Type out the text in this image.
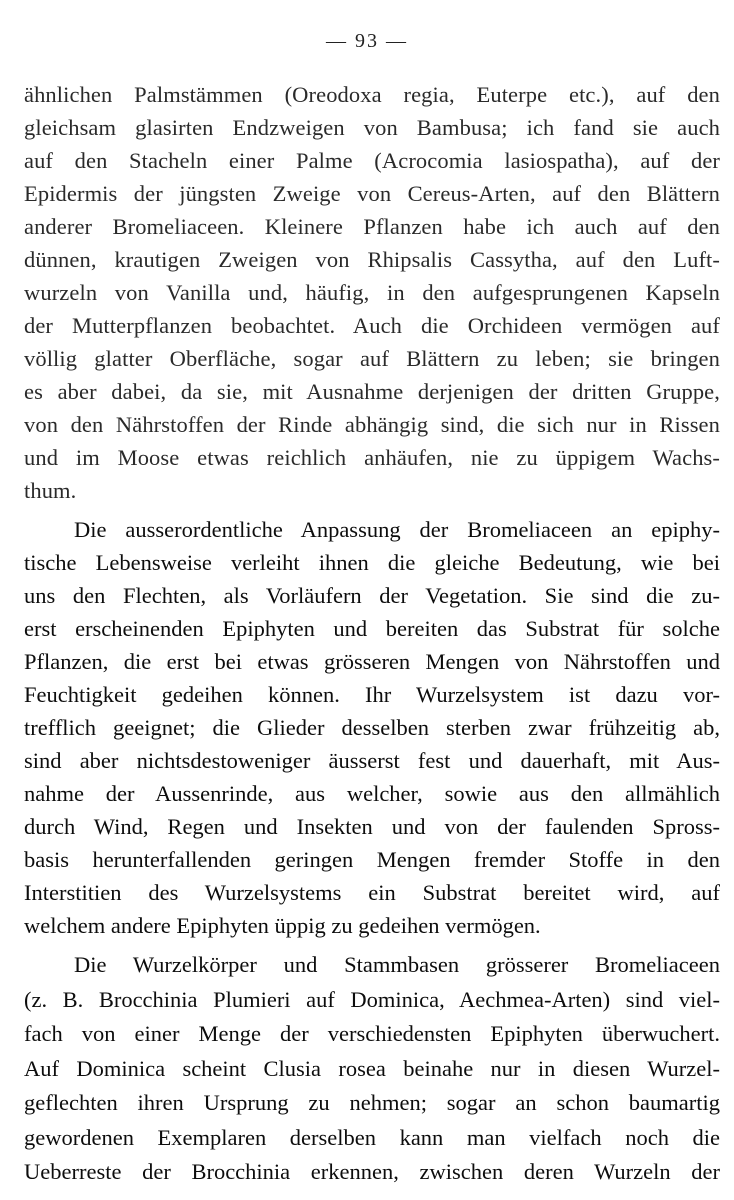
— 93 —
ähnlichen Palmstämmen (Oreodoxa regia, Euterpe etc.), auf den
gleichsam glasirten Endzweigen von Bambusa; ich fand sie auch
auf den Stacheln einer Palme (Acrocomia lasiospatha), auf der
Epidermis der jüngsten Zweige von Cereus-Arten, auf den Blättern
anderer Bromeliaceen. Kleinere Pflanzen habe ich auch auf den
dünnen, krautigen Zweigen von Rhipsalis Cassytha, auf den Luft-
wurzeln von Vanilla und, häufig, in den aufgesprungenen Kapseln
der Mutterpflanzen beobachtet. Auch die Orchideen vermögen auf
völlig glatter Oberfläche, sogar auf Blättern zu leben; sie bringen
es aber dabei, da sie, mit Ausnahme derjenigen der dritten Gruppe,
von den Nährstoffen der Rinde abhängig sind, die sich nur in Rissen
und im Moose etwas reichlich anhäufen, nie zu üppigem Wachs-
thum.
Die ausserordentliche Anpassung der Bromeliaceen an epiphy-
tische Lebensweise verleiht ihnen die gleiche Bedeutung, wie bei
uns den Flechten, als Vorläufern der Vegetation. Sie sind die zu-
erst erscheinenden Epiphyten und bereiten das Substrat für solche
Pflanzen, die erst bei etwas grösseren Mengen von Nährstoffen und
Feuchtigkeit gedeihen können. Ihr Wurzelsystem ist dazu vor-
trefflich geeignet; die Glieder desselben sterben zwar frühzeitig ab,
sind aber nichtsdestoweniger äusserst fest und dauerhaft, mit Aus-
nahme der Aussenrinde, aus welcher, sowie aus den allmählich
durch Wind, Regen und Insekten und von der faulenden Spross-
basis herunterfallenden geringen Mengen fremder Stoffe in den
Interstitien des Wurzelsystems ein Substrat bereitet wird, auf
welchem andere Epiphyten üppig zu gedeihen vermögen.
Die Wurzelkörper und Stammbasen grösserer Bromeliaceen
(z. B. Brocchinia Plumieri auf Dominica, Aechmea-Arten) sind viel-
fach von einer Menge der verschiedensten Epiphyten überwuchert.
Auf Dominica scheint Clusia rosea beinahe nur in diesen Wurzel-
geflechten ihren Ursprung zu nehmen; sogar an schon baumartig
gewordenen Exemplaren derselben kann man vielfach noch die
Ueberreste der Brocchinia erkennen, zwischen deren Wurzeln der
